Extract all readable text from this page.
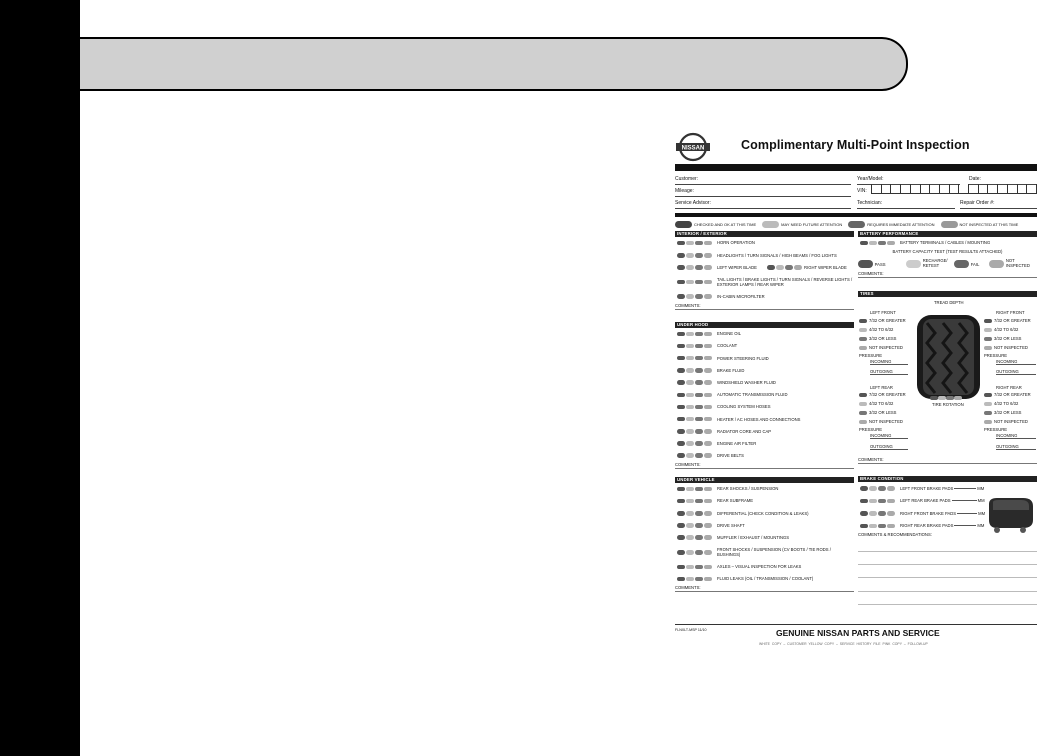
NISSAN	Complimentary Multi-Point Inspection
Customer:	Year/Model:	Date:
Mileage:	VIN:
Service Advisor:	Technician:	Repair Order #:
CHECKED AND OK AT THIS TIME	MAY NEED FUTURE ATTENTION	REQUIRES IMMEDIATE ATTENTION	NOT INSPECTED AT THIS TIME
INTERIOR / EXTERIOR
HORN OPERATION
HEADLIGHTS / TURN SIGNALS / HIGH BEAMS / FOG LIGHTS
LEFT WIPER BLADE	RIGHT WIPER BLADE
TAIL LIGHTS / BRAKE LIGHTS / TURN SIGNALS / REVERSE LIGHTS / EXTERIOR LAMPS / REAR WIPER
IN-CABIN MICROFILTER
COMMENTS:
UNDER HOOD
ENGINE OIL
COOLANT
POWER STEERING FLUID
BRAKE FLUID
WINDSHIELD WASHER FLUID
AUTOMATIC TRANSMISSION FLUID
COOLING SYSTEM HOSES
HEATER / AC HOSES AND CONNECTIONS
RADIATOR CORE AND CAP
ENGINE AIR FILTER
DRIVE BELTS
COMMENTS:
UNDER VEHICLE
REAR SHOCKS / SUSPENSION
REAR SUBFRAME
DIFFERENTIAL (CHECK CONDITION & LEAKS)
DRIVE SHAFT
MUFFLER / EXHAUST / MOUNTINGS
FRONT SHOCKS / SUSPENSION (CV BOOTS / TIE RODS / BUSHINGS)
AXLES – VISUAL INSPECTION FOR LEAKS
FLUID LEAKS (OIL / TRANSMISSION / COOLANT)
COMMENTS:
BATTERY PERFORMANCE
BATTERY TERMINALS / CABLES / MOUNTING
BATTERY CAPACITY TEST (TEST RESULTS ATTACHED)
PASS
RECHARGE/ RETEST	FAIL
NOT INSPECTED
COMMENTS:
TIRES
TREAD DEPTH
LEFT FRONT
7/32 OR GREATER
4/32 TO 6/32
3/32 OR LESS
NOT INSPECTED
PRESSURE
INCOMING
OUTGOING
RIGHT FRONT
7/32 OR GREATER
4/32 TO 6/32
3/32 OR LESS
NOT INSPECTED
PRESSURE
INCOMING
OUTGOING
LEFT REAR
7/32 OR GREATER
4/32 TO 6/32
3/32 OR LESS
NOT INSPECTED
PRESSURE
INCOMING
OUTGOING
TIRE ROTATION
RIGHT REAR
7/32 OR GREATER
4/32 TO 6/32
3/32 OR LESS
NOT INSPECTED
PRESSURE
INCOMING
OUTGOING
COMMENTS:
BRAKE CONDITION
LEFT FRONT BRAKE PADS	MM
LEFT REAR BRAKE PADS	MM
RIGHT FRONT BRAKE PADS	MM
RIGHT REAR BRAKE PADS	MM
COMMENTS & RECOMMENDATIONS:
FLNXLT-MSP 11/10	GENUINE NISSAN PARTS AND SERVICE
WHITE COPY – CUSTOMER YELLOW COPY – SERVICE HISTORY FILE PINK COPY – FOLLOW-UP
